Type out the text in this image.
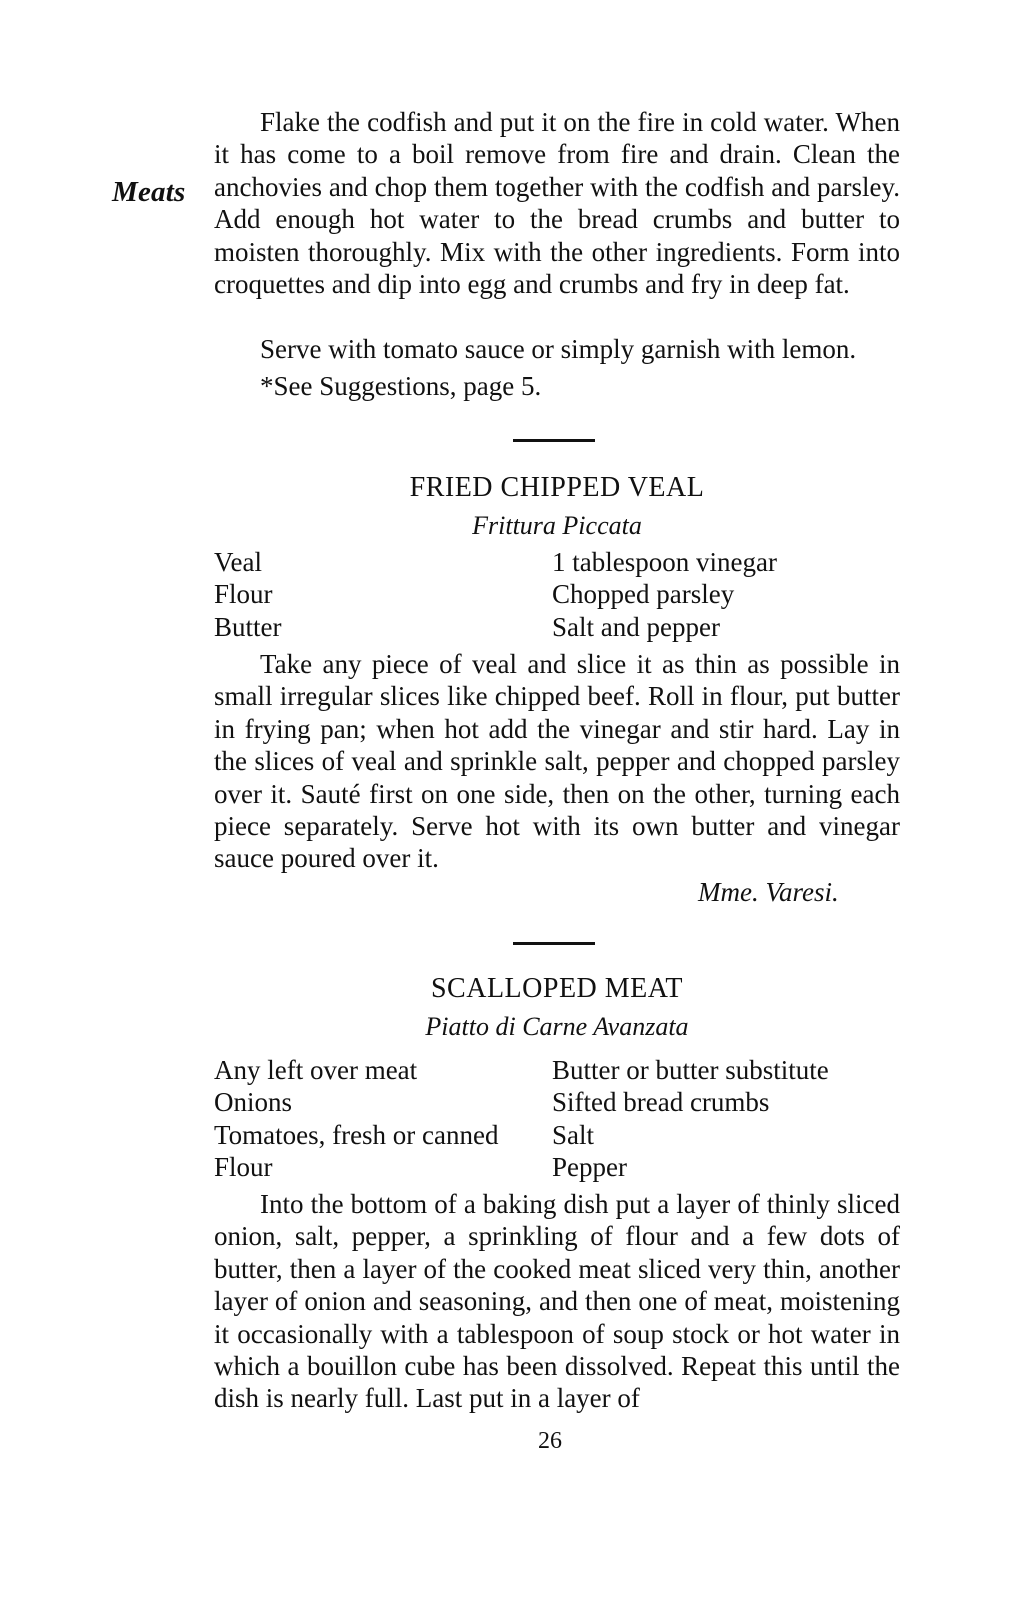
Meats

Flake the codfish and put it on the fire in cold water. When it has come to a boil remove from fire and drain. Clean the anchovies and chop them together with the codfish and parsley. Add enough hot water to the bread crumbs and butter to moisten thoroughly. Mix with the other ingredients. Form into croquettes and dip into egg and crumbs and fry in deep fat.

Serve with tomato sauce or simply garnish with lemon.
*See Suggestions, page 5.
FRIED CHIPPED VEAL
Frittura Piccata
Veal	1 tablespoon vinegar
Flour	Chopped parsley
Butter	Salt and pepper

Take any piece of veal and slice it as thin as possible in small irregular slices like chipped beef. Roll in flour, put butter in frying pan; when hot add the vinegar and stir hard. Lay in the slices of veal and sprinkle salt, pepper and chopped parsley over it. Sauté first on one side, then on the other, turning each piece separately. Serve hot with its own butter and vinegar sauce poured over it.

Mme. Varesi.
SCALLOPED MEAT
Piatto di Carne Avanzata
Any left over meat	Butter or butter substitute
Onions	Sifted bread crumbs
Tomatoes, fresh or canned	Salt
Flour	Pepper

Into the bottom of a baking dish put a layer of thinly sliced onion, salt, pepper, a sprinkling of flour and a few dots of butter, then a layer of the cooked meat sliced very thin, another layer of onion and seasoning, and then one of meat, moistening it occasionally with a tablespoon of soup stock or hot water in which a bouillon cube has been dissolved. Repeat this until the dish is nearly full. Last put in a layer of

26
